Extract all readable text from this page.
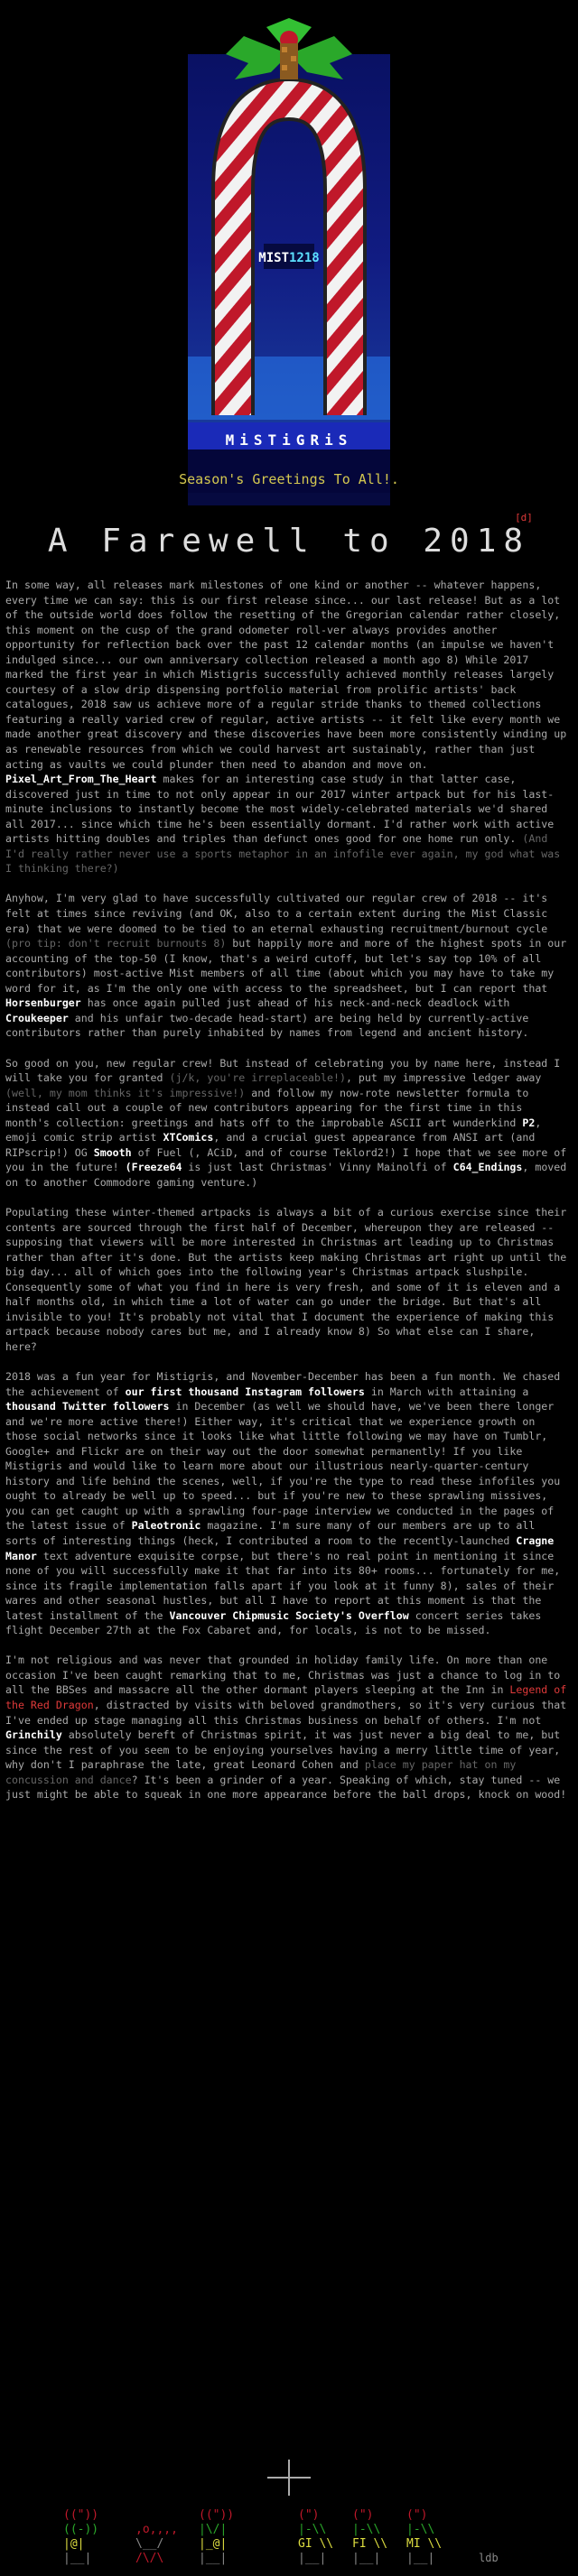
MIST1218
MiSTiGRiS
Season's Greetings To All!.
A Farewell to 2018
[d]
In some way, all releases mark milestones of one kind or another -- whatever happens, every time we can say: this is our first release since... our last release! But as a lot of the outside world does follow the resetting of the Gregorian calendar rather closely, this moment on the cusp of the grand odometer roll-ver always provides another opportunity for reflection back over the past 12 calendar months (an impulse we haven't indulged since... our own anniversary collection released a month ago 8) While 2017 marked the first year in which Mistigris successfully achieved monthly releases largely courtesy of a slow drip dispensing portfolio material from prolific artists' back catalogues, 2018 saw us achieve more of a regular stride thanks to themed collections featuring a really varied crew of regular, active artists -- it felt like every month we made another great discovery and these discoveries have been more consistently winding up as renewable resources from which we could harvest art sustainably, rather than just acting as vaults we could plunder then need to abandon and move on. Pixel_Art_From_The_Heart makes for an interesting case study in that latter case, discovered just in time to not only appear in our 2017 winter artpack but for his last-minute inclusions to instantly become the most widely-celebrated materials we'd shared all 2017... since which time he's been essentially dormant. I'd rather work with active artists hitting doubles and triples than defunct ones good for one home run only. (And I'd really rather never use a sports metaphor in an infofile ever again, my god what was I thinking there?)
Anyhow, I'm very glad to have successfully cultivated our regular crew of 2018 -- it's felt at times since reviving (and OK, also to a certain extent during the Mist Classic era) that we were doomed to be tied to an eternal exhausting recruitment/burnout cycle (pro tip: don't recruit burnouts 8) but happily more and more of the highest spots in our accounting of the top-50 (I know, that's a weird cutoff, but let's say top 10% of all contributors) most-active Mist members of all time (about which you may have to take my word for it, as I'm the only one with access to the spreadsheet, but I can report that Horsenburger has once again pulled just ahead of his neck-and-neck deadlock with Croukeeper and his unfair two-decade head-start) are being held by currently-active contributors rather than purely inhabited by names from legend and ancient history.
So good on you, new regular crew! But instead of celebrating you by name here, instead I will take you for granted (j/k, you're irreplaceable!), put my impressive ledger away (well, my mom thinks it's impressive!) and follow my now-rote newsletter formula to instead call out a couple of new contributors appearing for the first time in this month's collection: greetings and hats off to the improbable ASCII art wunderkind P2, emoji comic strip artist XTComics, and a crucial guest appearance from ANSI art (and RIPscrip!) OG Smooth of Fuel (, ACiD, and of course Teklord2!) I hope that we see more of you in the future! (Freeze64 is just last Christmas' Vinny Mainolfi of C64_Endings, moved on to another Commodore gaming venture.)
Populating these winter-themed artpacks is always a bit of a curious exercise since their contents are sourced through the first half of December, whereupon they are released -- supposing that viewers will be more interested in Christmas art leading up to Christmas rather than after it's done. But the artists keep making Christmas art right up until the big day... all of which goes into the following year's Christmas artpack slushpile. Consequently some of what you find in here is very fresh, and some of it is eleven and a half months old, in which time a lot of water can go under the bridge. But that's all invisible to you! It's probably not vital that I document the experience of making this artpack because nobody cares but me, and I already know 8) So what else can I share, here?
2018 was a fun year for Mistigris, and November-December has been a fun month. We chased the achievement of our first thousand Instagram followers in March with attaining a thousand Twitter followers in December (as well we should have, we've been there longer and we're more active there!) Either way, it's critical that we experience growth on those social networks since it looks like what little following we may have on Tumblr, Google+ and Flickr are on their way out the door somewhat permanently! If you like Mistigris and would like to learn more about our illustrious nearly-quarter-century history and life behind the scenes, well, if you're the type to read these infofiles you ought to already be well up to speed... but if you're new to these sprawling missives, you can get caught up with a sprawling four-page interview we conducted in the pages of the latest issue of Paleotronic magazine. I'm sure many of our members are up to all sorts of interesting things (heck, I contributed a room to the recently-launched Cragne Manor text adventure exquisite corpse, but there's no real point in mentioning it since none of you will successfully make it that far into its 80+ rooms... fortunately for me, since its fragile implementation falls apart if you look at it funny 8), sales of their wares and other seasonal hustles, but all I have to report at this moment is that the latest installment of the Vancouver Chipmusic Society's Overflow concert series takes flight December 27th at the Fox Cabaret and, for locals, is not to be missed.
I'm not religious and was never that grounded in holiday family life. On more than one occasion I've been caught remarking that to me, Christmas was just a chance to log in to all the BBSes and massacre all the other dormant players sleeping at the Inn in Legend of the Red Dragon, distracted by visits with beloved grandmothers, so it's very curious that I've ended up stage managing all this Christmas business on behalf of others. I'm not Grinchily absolutely bereft of Christmas spirit, it was just never a big deal to me, but since the rest of you seem to be enjoying yourselves having a merry little time of year, why don't I paraphrase the late, great Leonard Cohen and place my paper hat on my concussion and dance? It's been a grinder of a year. Speaking of which, stay tuned -- we just might be able to squeak in one more appearance before the ball drops, knock on wood!
(("))
((-))
|@|
|__|
,o,,,,
\__/
/\/\
(("))
|\/|
|_@|
|__|
(")
|-\\
GI \\
|__|
(")
|-\\
FI \\
|__|
(")
|-\\
MI \\
|__|	ldb
